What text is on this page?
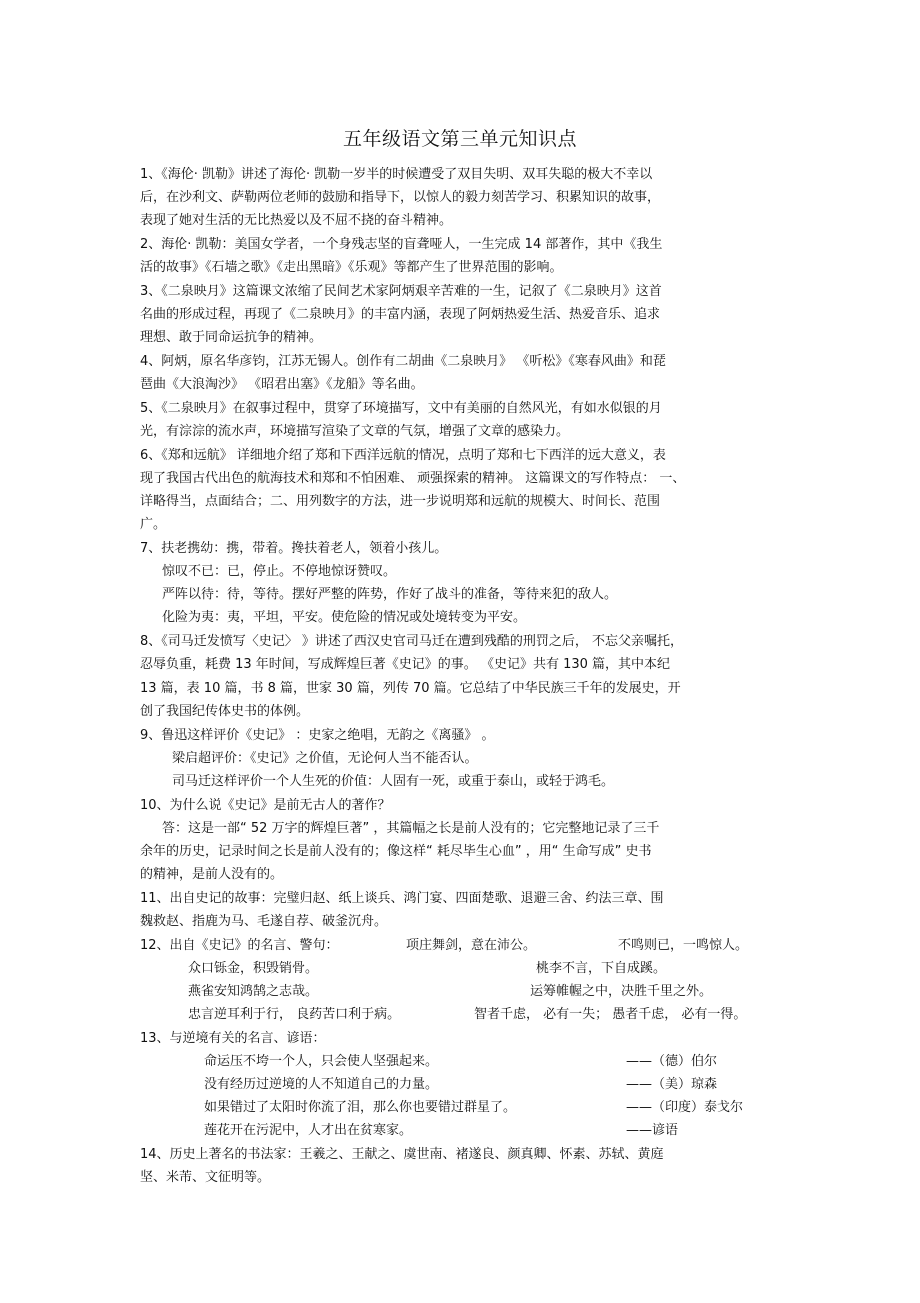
五年级语文第三单元知识点
1、《海伦· 凯勒》讲述了海伦· 凯勒一岁半的时候遭受了双目失明、双耳失聪的极大不幸以
后，在沙利文、萨勒两位老师的鼓励和指导下，以惊人的毅力刻苦学习、积累知识的故事，
表现了她对生活的无比热爱以及不屈不挠的奋斗精神。
2、海伦· 凯勒：美国女学者，一个身残志坚的盲聋哑人，一生完成 14 部著作，其中《我生
活的故事》《石墙之歌》《走出黑暗》《乐观》等都产生了世界范围的影响。
3、《二泉映月》这篇课文浓缩了民间艺术家阿炳艰辛苦难的一生，记叙了《二泉映月》这首
名曲的形成过程，再现了《二泉映月》的丰富内涵，表现了阿炳热爱生活、热爱音乐、追求
理想、敢于同命运抗争的精神。
4、阿炳，原名华彦钧，江苏无锡人。创作有二胡曲《二泉映月》 《听松》《寒春风曲》和琵
琶曲《大浪淘沙》 《昭君出塞》《龙船》等名曲。
5、《二泉映月》在叙事过程中，贯穿了环境描写，文中有美丽的自然风光，有如水似银的月
光，有淙淙的流水声，环境描写渲染了文章的气氛，增强了文章的感染力。
6、《郑和远航》 详细地介绍了郑和下西洋远航的情况，点明了郑和七下西洋的远大意义，表
现了我国古代出色的航海技术和郑和不怕困难、 顽强探索的精神。 这篇课文的写作特点： 一、
详略得当，点面结合；二、用列数字的方法，进一步说明郑和远航的规模大、时间长、范围
广。
7、扶老携幼：携，带着。搀扶着老人，领着小孩儿。
惊叹不已：已，停止。不停地惊讶赞叹。
严阵以待：待，等待。摆好严整的阵势，作好了战斗的准备，等待来犯的敌人。
化险为夷：夷，平坦，平安。使危险的情况或处境转变为平安。
8、《司马迁发愤写〈史记〉 》讲述了西汉史官司马迁在遭到残酷的刑罚之后， 不忘父亲嘱托，
忍辱负重，耗费 13 年时间，写成辉煌巨著《史记》的事。 《史记》共有 130 篇，其中本纪
13 篇，表 10 篇，书 8 篇，世家 30 篇，列传 70 篇。它总结了中华民族三千年的发展史，开
创了我国纪传体史书的体例。
9、鲁迅这样评价《史记》 ：史家之绝唱，无韵之《离骚》 。
梁启超评价：《史记》之价值，无论何人当不能否认。
司马迁这样评价一个人生死的价值：人固有一死，或重于泰山，或轻于鸿毛。
10、为什么说《史记》是前无古人的著作？
答：这是一部“ 52 万字的辉煌巨著” ，其篇幅之长是前人没有的；它完整地记录了三千
余年的历史，记录时间之长是前人没有的；像这样“ 耗尽毕生心血” ，用“ 生命写成” 史书
的精神，是前人没有的。
11、出自史记的故事：完璧归赵、纸上谈兵、鸿门宴、四面楚歌、退避三舍、约法三章、围
魏救赵、指鹿为马、毛遂自荐、破釜沉舟。
12、出自《史记》的名言、警句：	项庄舞剑，意在沛公。	不鸣则已，一鸣惊人。
众口铄金，积毁销骨。	桃李不言，下自成蹊。
燕雀安知鸿鹄之志哉。	运筹帷幄之中，决胜千里之外。
忠言逆耳利于行， 良药苦口利于病。	智者千虑， 必有一失； 愚者千虑， 必有一得。
13、与逆境有关的名言、谚语：
命运压不垮一个人，只会使人坚强起来。	——（德）伯尔
没有经历过逆境的人不知道自己的力量。	——（美）琼森
如果错过了太阳时你流了泪，那么你也要错过群星了。	——（印度）泰戈尔
莲花开在污泥中，人才出在贫寒家。	——谚语
14、历史上著名的书法家：王羲之、王献之、虞世南、褚遂良、颜真卿、怀素、苏轼、黄庭
坚、米芾、文征明等。
